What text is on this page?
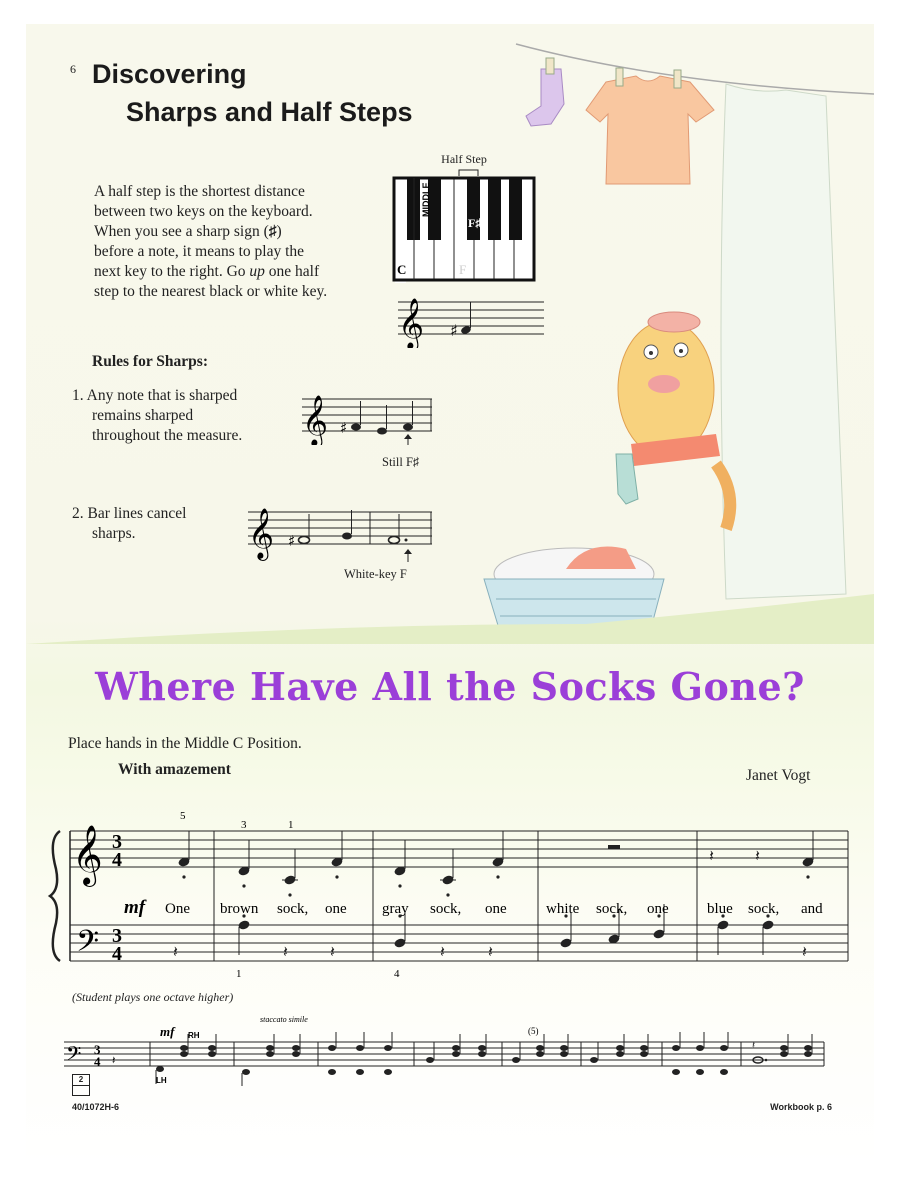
6 Discovering
Sharps and Half Steps
A half step is the shortest distance
between two keys on the keyboard.
When you see a sharp sign (♯)
before a note, it means to play the
next key to the right. Go up one half
step to the nearest black or white key.
Half Step
MIDDLE
C
F♯
F
𝄞 ♯
Rules for Sharps:
1. Any note that is sharped
remains sharped
throughout the measure.	𝄞 ♯
Still F♯
2. Bar lines cancel
sharps.	𝄞 ♯
White-key F
Where Have All the Socks Gone?
Place hands in the Middle C Position.
With amazement	Janet Vogt
𝄞
𝄢
3
4
3
4
𝄽	𝄽
𝄽	𝄽	𝄽	𝄽	𝄽	𝄽
5
3	1
1	4
mf One brown sock, one gray sock, one	white sock, one	blue sock, and
(Student plays one octave higher)
𝄢 3
4 𝄽
𝄽
mf RH
LH
staccato simile
(5)
2
40/1072H-6	Workbook p. 6
